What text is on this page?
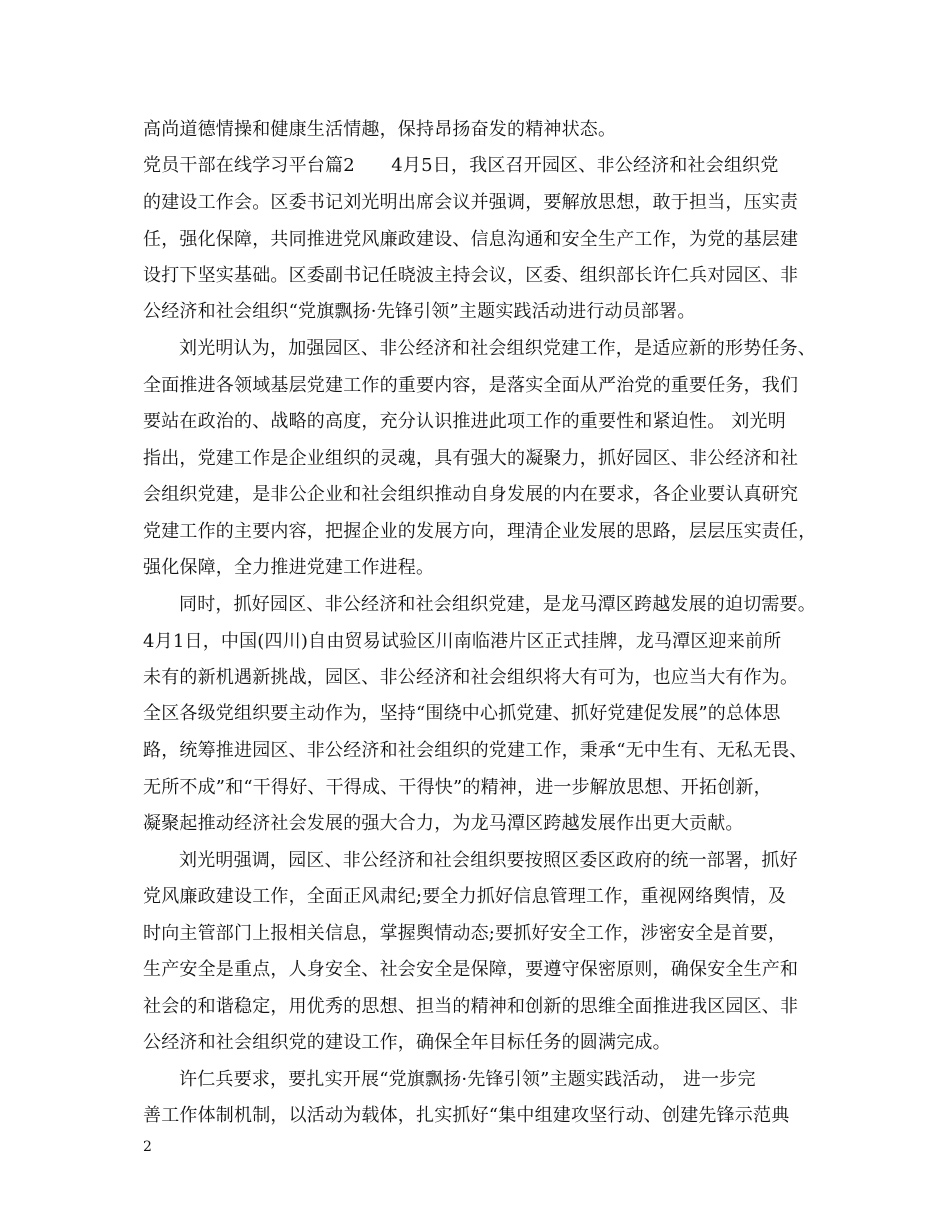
高尚道德情操和健康生活情趣，保持昂扬奋发的精神状态。
党员干部在线学习平台篇2　　4月5日，我区召开园区、非公经济和社会组织党
的建设工作会。区委书记刘光明出席会议并强调，要解放思想，敢于担当，压实责
任，强化保障，共同推进党风廉政建设、信息沟通和安全生产工作，为党的基层建
设打下坚实基础。区委副书记任晓波主持会议，区委、组织部长许仁兵对园区、非
公经济和社会组织“党旗飘扬·先锋引领”主题实践活动进行动员部署。
刘光明认为，加强园区、非公经济和社会组织党建工作，是适应新的形势任务、
全面推进各领域基层党建工作的重要内容，是落实全面从严治党的重要任务，我们
要站在政治的、战略的高度，充分认识推进此项工作的重要性和紧迫性。 刘光明
指出，党建工作是企业组织的灵魂，具有强大的凝聚力，抓好园区、非公经济和社
会组织党建，是非公企业和社会组织推动自身发展的内在要求，各企业要认真研究
党建工作的主要内容，把握企业的发展方向，理清企业发展的思路，层层压实责任，
强化保障，全力推进党建工作进程。
同时，抓好园区、非公经济和社会组织党建，是龙马潭区跨越发展的迫切需要。
4月1日，中国(四川)自由贸易试验区川南临港片区正式挂牌，龙马潭区迎来前所
未有的新机遇新挑战，园区、非公经济和社会组织将大有可为，也应当大有作为。
全区各级党组织要主动作为，坚持“围绕中心抓党建、抓好党建促发展”的总体思
路，统筹推进园区、非公经济和社会组织的党建工作，秉承“无中生有、无私无畏、
无所不成”和“干得好、干得成、干得快”的精神，进一步解放思想、开拓创新，
凝聚起推动经济社会发展的强大合力，为龙马潭区跨越发展作出更大贡献。
刘光明强调，园区、非公经济和社会组织要按照区委区政府的统一部署，抓好
党风廉政建设工作，全面正风肃纪;要全力抓好信息管理工作，重视网络舆情，及
时向主管部门上报相关信息，掌握舆情动态;要抓好安全工作，涉密安全是首要，
生产安全是重点，人身安全、社会安全是保障，要遵守保密原则，确保安全生产和
社会的和谐稳定，用优秀的思想、担当的精神和创新的思维全面推进我区园区、非
公经济和社会组织党的建设工作，确保全年目标任务的圆满完成。
许仁兵要求，要扎实开展“党旗飘扬·先锋引领”主题实践活动， 进一步完
善工作体制机制，以活动为载体，扎实抓好“集中组建攻坚行动、创建先锋示范典
2
